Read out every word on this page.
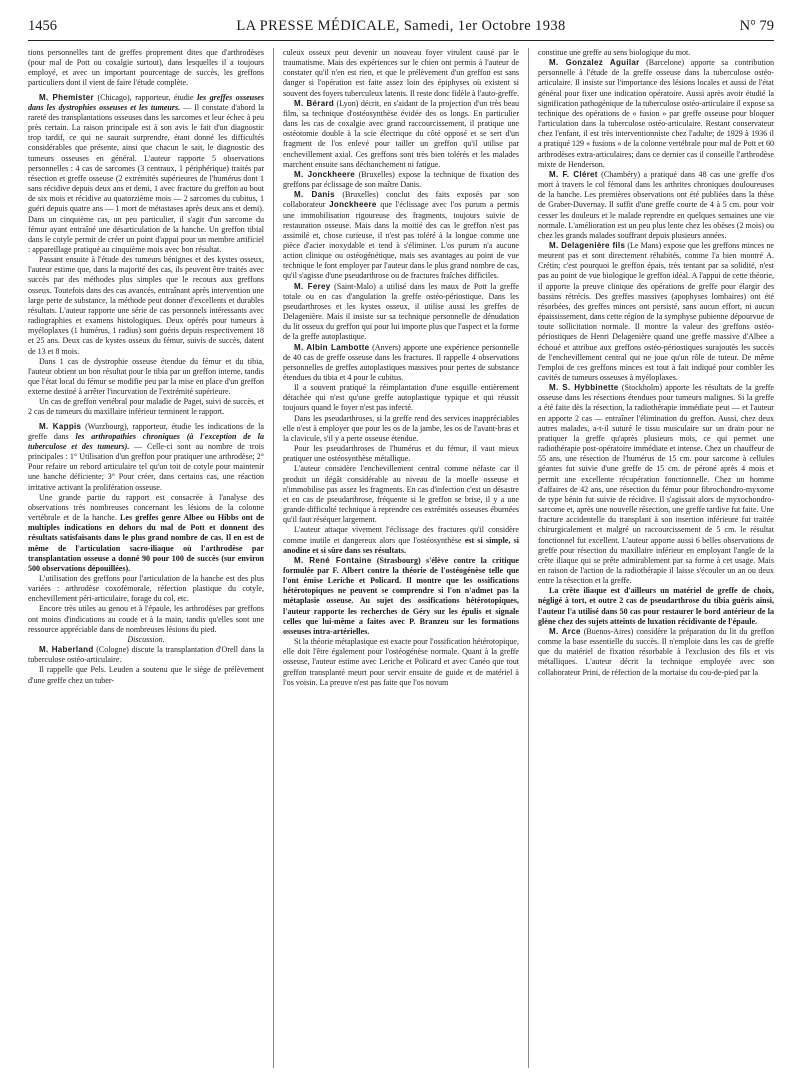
1456	LA PRESSE MÉDICALE, Samedi, 1er Octobre 1938	N° 79

tions personnelles tant de greffes proprement dites que d'arthrodèses (pour mal de Pott ou coxalgie surtout), dans lesquelles il a toujours employé, et avec un important pourcentage de succès, les greffons particuliers dont il vient de faire l'étude complète.

M. Phemister (Chicago), rapporteur, étudie les greffes osseuses dans les dystrophies osseuses et les tumeurs. — Il constate d'abord la rareté des transplantations osseuses dans les sarcomes et leur échec à peu près certain. La raison principale est à son avis le fait d'un diagnostic trop tardif, ce qui ne saurait surprendre, étant donné les difficultés considérables que présente, ainsi que chacun le sait, le diagnostic des tumeurs osseuses en général. L'auteur rapporte 5 observations personnelles : 4 cas de sarcomes (3 centraux, 1 périphérique) traités par résection et greffe osseuse (2 extrémités supérieures de l'humérus dont 1 sans récidive depuis deux ans et demi, 1 avec fracture du greffon au bout de six mois et récidive au quatorzième mois — 2 sarcomes du cubitus, 1 guéri depuis quatre ans — 1 mort de métastases après deux ans et demi). Dans un cinquième cas, un peu particulier, il s'agit d'un sarcome du fémur ayant entraîné une désarticulation de la hanche. Un greffon tibial dans le cotyle permit de créer un point d'appui pour un membre artificiel : appareillage pratiqué au cinquième mois avec bon résultat.

Passant ensuite à l'étude des tumeurs bénignes et des kystes osseux, l'auteur estime que, dans la majorité des cas, ils peuvent être traités avec succès par des méthodes plus simples que le recours aux greffons osseux. Toutefois dans des cas avancés, entraînant après intervention une large perte de substance, la méthode peut donner d'excellents et durables résultats. L'auteur rapporte une série de cas personnels intéressants avec radiographies et examens histologiques. Deux opérés pour tumeurs à myéloplaxes (1 humérus, 1 radius) sont guéris depuis respectivement 18 et 25 ans. Deux cas de kystes osseux du fémur, suivis de succès, datent de 13 et 8 mois.

Dans 1 cas de dystrophie osseuse étendue du fémur et du tibia, l'auteur obtient un bon résultat pour le tibia par un greffon interne, tandis que l'état local du fémur se modifie peu par la mise en place d'un greffon externe destiné à arrêter l'incurvation de l'extrémité supérieure.

Un cas de greffon vertébral pour maladie de Paget, suivi de succès, et 2 cas de tumeurs du maxillaire inférieur terminent le rapport.

M. Kappis (Wurzbourg), rapporteur, étudie les indications de la greffe dans les arthropathies chroniques (à l'exception de la tuberculose et des tumeurs). — Celle-ci sont au nombre de trois principales : 1° Utilisation d'un greffon pour pratiquer une arthrodèse; 2° Pour refaire un rebord articulaire tel qu'un toit de cotyle pour maintenir une hanche déficiente; 3° Pour créer, dans certains cas, une réaction irritative activant la prolifération osseuse.

Une grande partie du rapport est consacrée à l'analyse des observations très nombreuses concernant les lésions de la colonne vertébrale et de la hanche. Les greffes genre Albee ou Hibbs ont de multiples indications en dehors du mal de Pott et donnent des résultats satisfaisants dans le plus grand nombre de cas. Il en est de même de l'articulation sacro-iliaque où l'arthrodèse par transplantation osseuse a donné 90 pour 100 de succès (sur environ 500 observations dépouillées).

L'utilisation des greffons pour l'articulation de la hanche est des plus variées : arthrodèse coxofémorale, réfection plastique du cotyle, enchevillement péri-articulaire, forage du col, etc.

Encore très utiles au genou et à l'épaule, les arthrodèses par greffons ont moins d'indications au coude et à la main, tandis qu'elles sont une ressource appréciable dans de nombreuses lésions du pied.

Discussion.

M. Haberland (Cologne) discute la transplantation d'Orell dans la tuberculose ostéo-articulaire.

Il rappelle que Pels. Leuden a soutenu que le siège de prélèvement d'une greffe chez un tuber-

culeux osseux peut devenir un nouveau foyer virulent causé par le traumatisme. Mais des expériences sur le chien ont permis à l'auteur de constater qu'il n'en est rien, et que le prélèvement d'un greffon est sans danger si l'opération est faite assez loin des épiphyses où existent si souvent des foyers tuberculeux latents. Il reste donc fidèle à l'auto-greffe.

M. Bérard (Lyon) décrit, en s'aidant de la projection d'un très beau film, sa technique d'ostéosynthèse évidée des os longs. En particulier dans les cas de coxalgie avec grand raccourcissement, il pratique une ostéotomie double à la scie électrique du côté opposé et se sert d'un fragment de l'os enlevé pour tailler un greffon qu'il utilise par enchevillement axial. Ces greffons sont très bien tolérés et les malades marchent ensuite sans déchanchement ni fatigue.

M. Jonckheere (Bruxelles) expose la technique de fixation des greffons par éclissage de son maître Danis.

M. Danis (Bruxelles) conclut des faits exposés par son collaborateur Jonckheere que l'éclissage avec l'os purum a permis une immobilisation rigoureuse des fragments, toujours suivie de restauration osseuse. Mais dans la moitié des cas le greffon n'est pas assimilé et, chose curieuse, il n'est pas toléré à la longue comme une pièce d'acier inoxydable et tend à s'éliminer. L'os purum n'a aucune action clinique ou ostéogénétique, mais ses avantages au point de vue technique le font employer par l'auteur dans le plus grand nombre de cas, qu'il s'agisse d'une pseudarthrose ou de fractures fraîches difficiles.

M. Ferey (Saint-Malo) a utilisé dans les maux de Pott la greffe totale ou en cas d'angulation la greffe ostéo-périostique. Dans les pseudarthroses et les kystes osseux, il utilise aussi les greffes de Delagenière. Mais il insiste sur sa technique personnelle de dénudation du lit osseux du greffon qui pour lui importe plus que l'aspect et la forme de la greffe autoplastique.

M. Albin Lambotte (Anvers) apporte une expérience personnelle de 40 cas de greffe osseuse dans les fractures. Il rappelle 4 observations personnelles de greffes autoplastiques massives pour pertes de substance étendues du tibia et 4 pour le cubitus.

Il a souvent pratiqué la réimplantation d'une esquille entièrement détachée qui n'est qu'une greffe autoplastique typique et qui réussit toujours quand le foyer n'est pas infecté.

Dans les pseudarthroses, si la greffe rend des services inappréciables elle n'est à employer que pour les os de la jambe, les os de l'avant-bras et la clavicule, s'il y a perte osseuse étendue.

Pour les pseudarthroses de l'humérus et du fémur, il vaut mieux pratiquer une ostéosynthèse métallique.

L'auteur considère l'enchevillement central comme néfaste car il produit un dégât considérable au niveau de la moelle osseuse et n'immobilise pas assez les fragments. En cas d'infection c'est un désastre et en cas de pseudarthrose, fréquente si le greffon se brise, il y a une grande difficulté technique à reprendre ces extrémités osseuses éburnées qu'il faut réséquer largement.

L'auteur attaque vivement l'éclissage des fractures qu'il considère comme inutile et dangereux alors que l'ostéosynthèse est si simple, si anodine et si sûre dans ses résultats.

M. René Fontaine (Strasbourg) s'élève contre la critique formulée par F. Albert contre la théorie de l'ostéogénèse telle que l'ont émise Leriche et Policard. Il montre que les ossifications hétérotopiques ne peuvent se comprendre si l'on n'admet pas la métaplasie osseuse. Au sujet des ossifications hétérotopiques, l'auteur rapporte les recherches de Géry sur les épulis et signale celles que lui-même a faites avec P. Branzeu sur les formations osseuses intra-artérielles.

Si la théorie métaplasique est exacte pour l'ossification hétérotopique, elle doit l'être également pour l'ostéogénèse normale. Quant à la greffe osseuse, l'auteur estime avec Leriche et Policard et avec Canéo que tout greffon transplanté meurt pour servir ensuite de guide et de matériel à l'os voisin. La preuve n'est pas faite que l'os novum

constitue une greffe au sens biologique du mot.

M. Gonzalez Aguilar (Barcelone) apporte sa contribution personnelle à l'étude de la greffe osseuse dans la tuberculose ostéo-articulaire. Il insiste sur l'importance des lésions locales et aussi de l'état général pour fixer une indication opératoire. Aussi après avoir étudié la signification pathogénique de la tuberculose ostéo-articulaire il expose sa technique des opérations de « fusion » par greffe osseuse pour bloquer l'articulation dans la tuberculose ostéo-articulaire. Restant conservateur chez l'enfant, il est très interventionniste chez l'adulte; de 1929 à 1936 il a pratiqué 129 « fusions » de la colonne vertébrale pour mal de Pott et 60 arthrodèses extra-articulaires; dans ce dernier cas il conseille l'arthrodèse mixte de Henderson.

M. F. Cléret (Chambéry) a pratiqué dans 48 cas une greffe d'os mort à travers le col fémoral dans les arthrites chroniques douloureuses de la hanche. Les premières observations ont été publiées dans la thèse de Graber-Duvernay. Il suffit d'une greffe courte de 4 à 5 cm. pour voir cesser les douleurs et le malade reprendre en quelques semaines une vie normale. L'amélioration est un peu plus lente chez les obèses (2 mois) ou chez les grands malades souffrant depuis plusieurs années.

M. Delagenière fils (Le Mans) expose que les greffons minces ne meurent pas et sont directement réhabités, comme l'a bien montré A. Crétin; c'est pourquoi le greffon épais, très tentant par sa solidité, n'est pas au point de vue biologique le greffon idéal. A l'appui de cette théorie, il apporte la preuve clinique des opérations de greffe pour élargir des bassins rétrécis. Des greffes massives (apophyses lombaires) ont été résorbées, des greffes minces ont persisté, sans aucun effort, ni aucun épaississement, dans cette région de la symphyse pubienne dépourvue de toute sollicitation normale. Il montre la valeur des greffons ostéo-périostiques de Henri Delagenière quand une greffe massive d'Albee a échoué et attribue aux greffons ostéo-périostiques surajoutés les succès de l'enchevillement central qui ne joue qu'un rôle de tuteur. De même l'emploi de ces greffons minces est tout à fait indiqué pour combler les cavités de tumeurs osseuses à myéloplaxes.

M. S. Hybbinette (Stockholm) apporte les résultats de la greffe osseuse dans les résections étendues pour tumeurs malignes. Si la greffe a été faite dès la résection, la radiothérapie immédiate peut — et l'auteur en apporte 2 cas — entraîner l'élimination du greffon. Aussi, chez deux autres malades, a-t-il suturé le tissu musculaire sur un drain pour ne pratiquer la greffe qu'après plusieurs mois, ce qui permet une radiothérapie post-opératoire immédiate et intense. Chez un chauffeur de 55 ans, une résection de l'humérus de 15 cm. pour sarcome à cellules géantes fut suivie d'une greffe de 15 cm. de péroné après 4 mois et permit une excellente récupération fonctionnelle. Chez un homme d'affaires de 42 ans, une résection du fémur pour fibrochondro-myxome de type bénin fut suivie de récidive. Il s'agissait alors de myxochondro-sarcome et, après une nouvelle résection, une greffe tardive fut faite. Une fracture accidentelle du transplant à son insertion inférieure fut traitée chirurgicalement et malgré un raccourcissement de 5 cm. le résultat fonctionnel fut excellent. L'auteur apporte aussi 6 belles observations de greffe pour résection du maxillaire inférieur en employant l'angle de la crête iliaque qui se prête admirablement par sa forme à cet usage. Mais en raison de l'action de la radiothérapie il laisse s'écouler un an ou deux entre la résection et la greffe.

La crête iliaque est d'ailleurs un matériel de greffe de choix, négligé à tort, et outre 2 cas de pseudarthrose du tibia guéris ainsi, l'auteur l'a utilisé dans 50 cas pour restaurer le bord antérieur de la glène chez des sujets atteints de luxation récidivante de l'épaule.

M. Arce (Buenos-Aires) considère la préparation du lit du greffon comme la base essentielle du succès. Il n'emploie dans les cas de greffe que du matériel de fixation résorbable à l'exclusion des fils et vis métalliques. L'auteur décrit la technique employée avec son collaborateur Prini, de réfection de la mortaise du cou-de-pied par la
